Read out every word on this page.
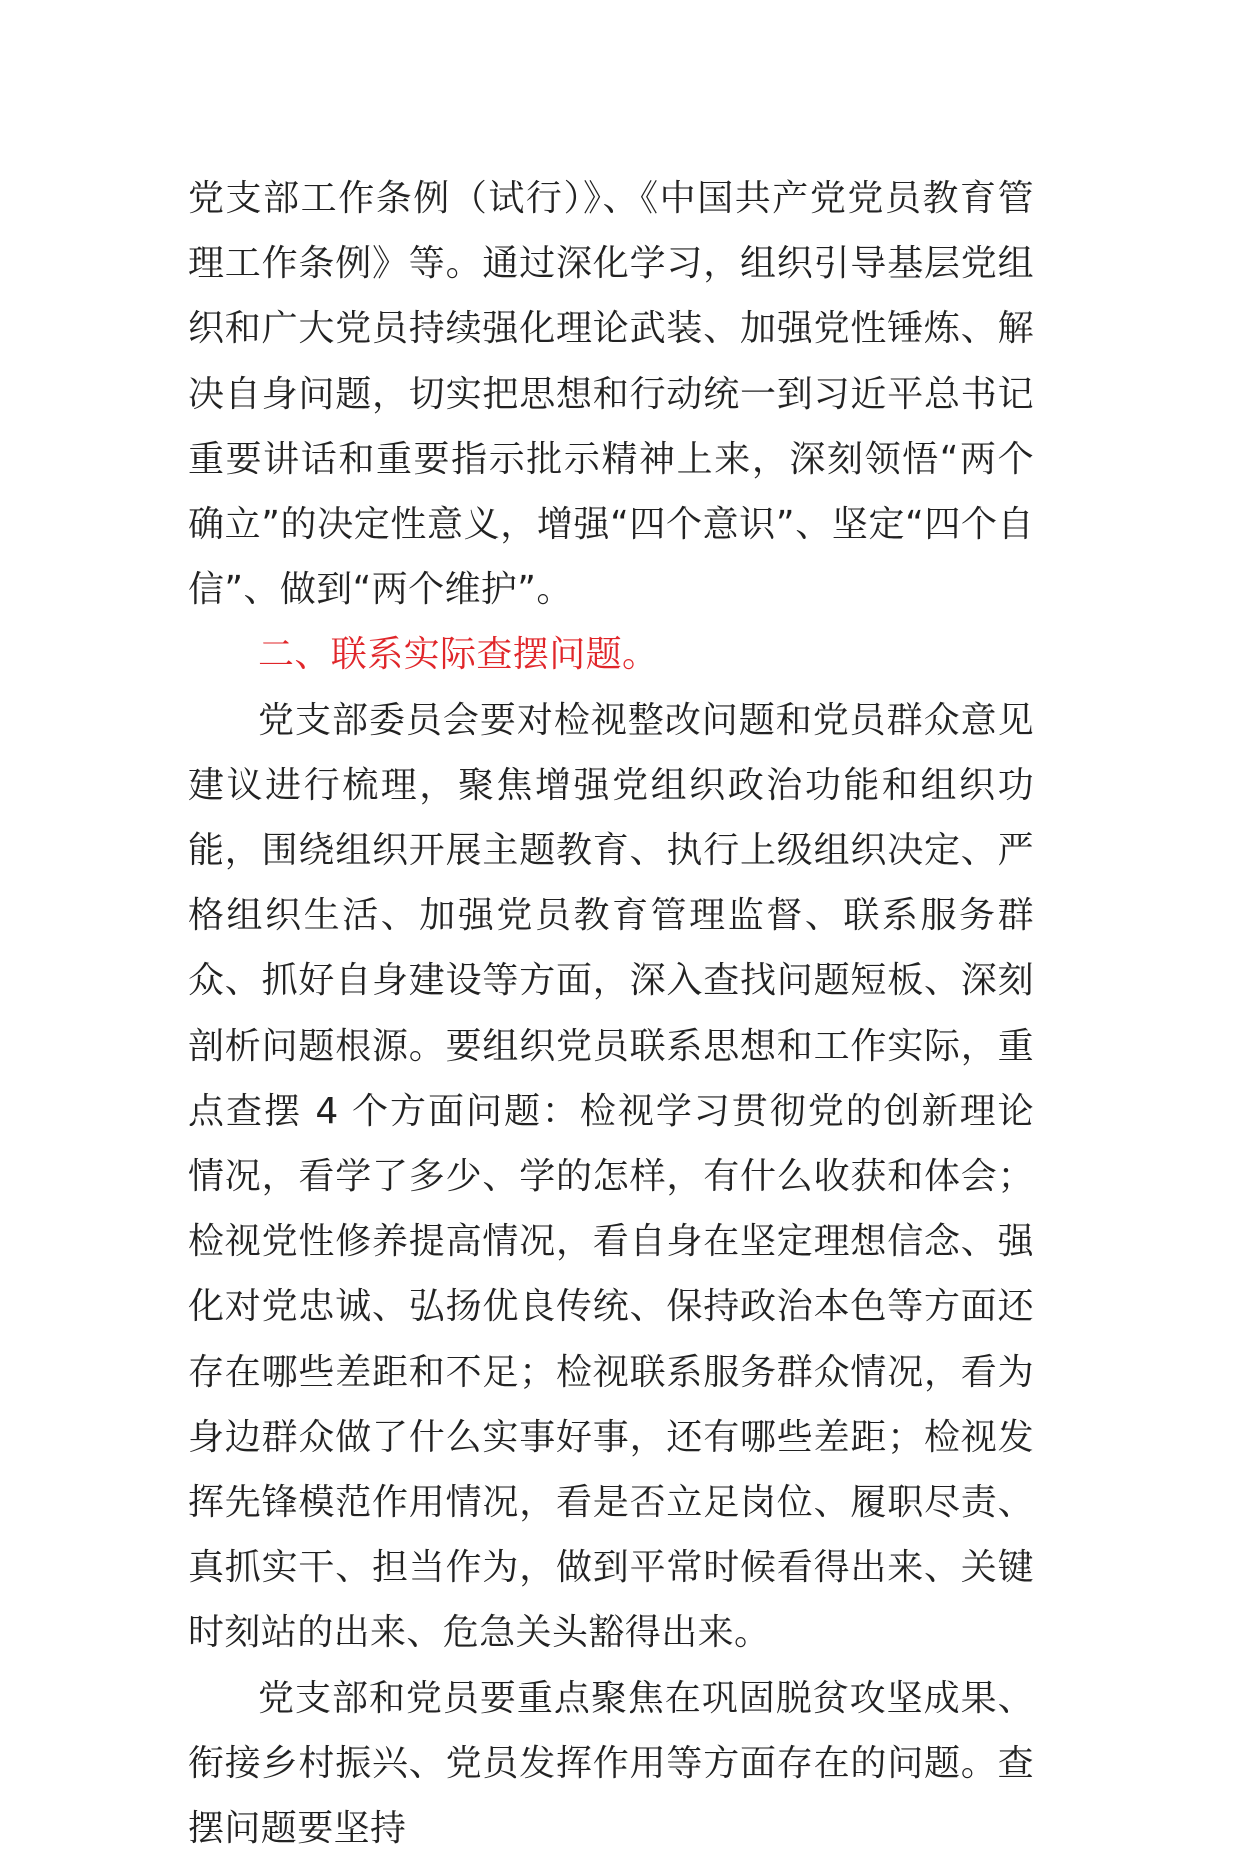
党支部工作条例（试行）》、《中国共产党党员教育管理工作条例》等。通过深化学习，组织引导基层党组织和广大党员持续强化理论武装、加强党性锤炼、解决自身问题，切实把思想和行动统一到习近平总书记重要讲话和重要指示批示精神上来，深刻领悟“两个确立”的决定性意义，增强“四个意识”、坚定“四个自信”、做到“两个维护”。

二、联系实际查摆问题。

党支部委员会要对检视整改问题和党员群众意见建议进行梳理，聚焦增强党组织政治功能和组织功能，围绕组织开展主题教育、执行上级组织决定、严格组织生活、加强党员教育管理监督、联系服务群众、抓好自身建设等方面，深入查找问题短板、深刻剖析问题根源。要组织党员联系思想和工作实际，重点查摆 4 个方面问题：检视学习贯彻党的创新理论情况，看学了多少、学的怎样，有什么收获和体会；检视党性修养提高情况，看自身在坚定理想信念、强化对党忠诚、弘扬优良传统、保持政治本色等方面还存在哪些差距和不足；检视联系服务群众情况，看为身边群众做了什么实事好事，还有哪些差距；检视发挥先锋模范作用情况，看是否立足岗位、履职尽责、真抓实干、担当作为，做到平常时候看得出来、关键时刻站的出来、危急关头豁得出来。

党支部和党员要重点聚焦在巩固脱贫攻坚成果、衔接乡村振兴、党员发挥作用等方面存在的问题。查摆问题要坚持
